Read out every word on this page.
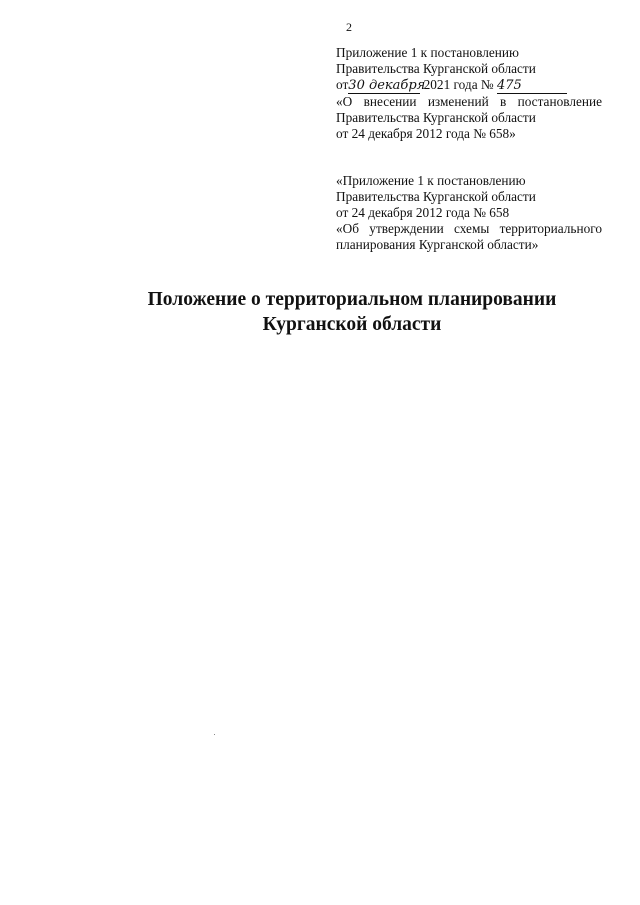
2
Приложение 1 к постановлению
Правительства Курганской области
от30 декабря 2021 года № 475
«О внесении изменений в постановление
Правительства Курганской области
от 24 декабря 2012 года № 658»
«Приложение 1 к постановлению
Правительства Курганской области
от 24 декабря 2012 года № 658
«Об утверждении схемы территориального
планирования Курганской области»
Положение о территориальном планировании
Курганской области
